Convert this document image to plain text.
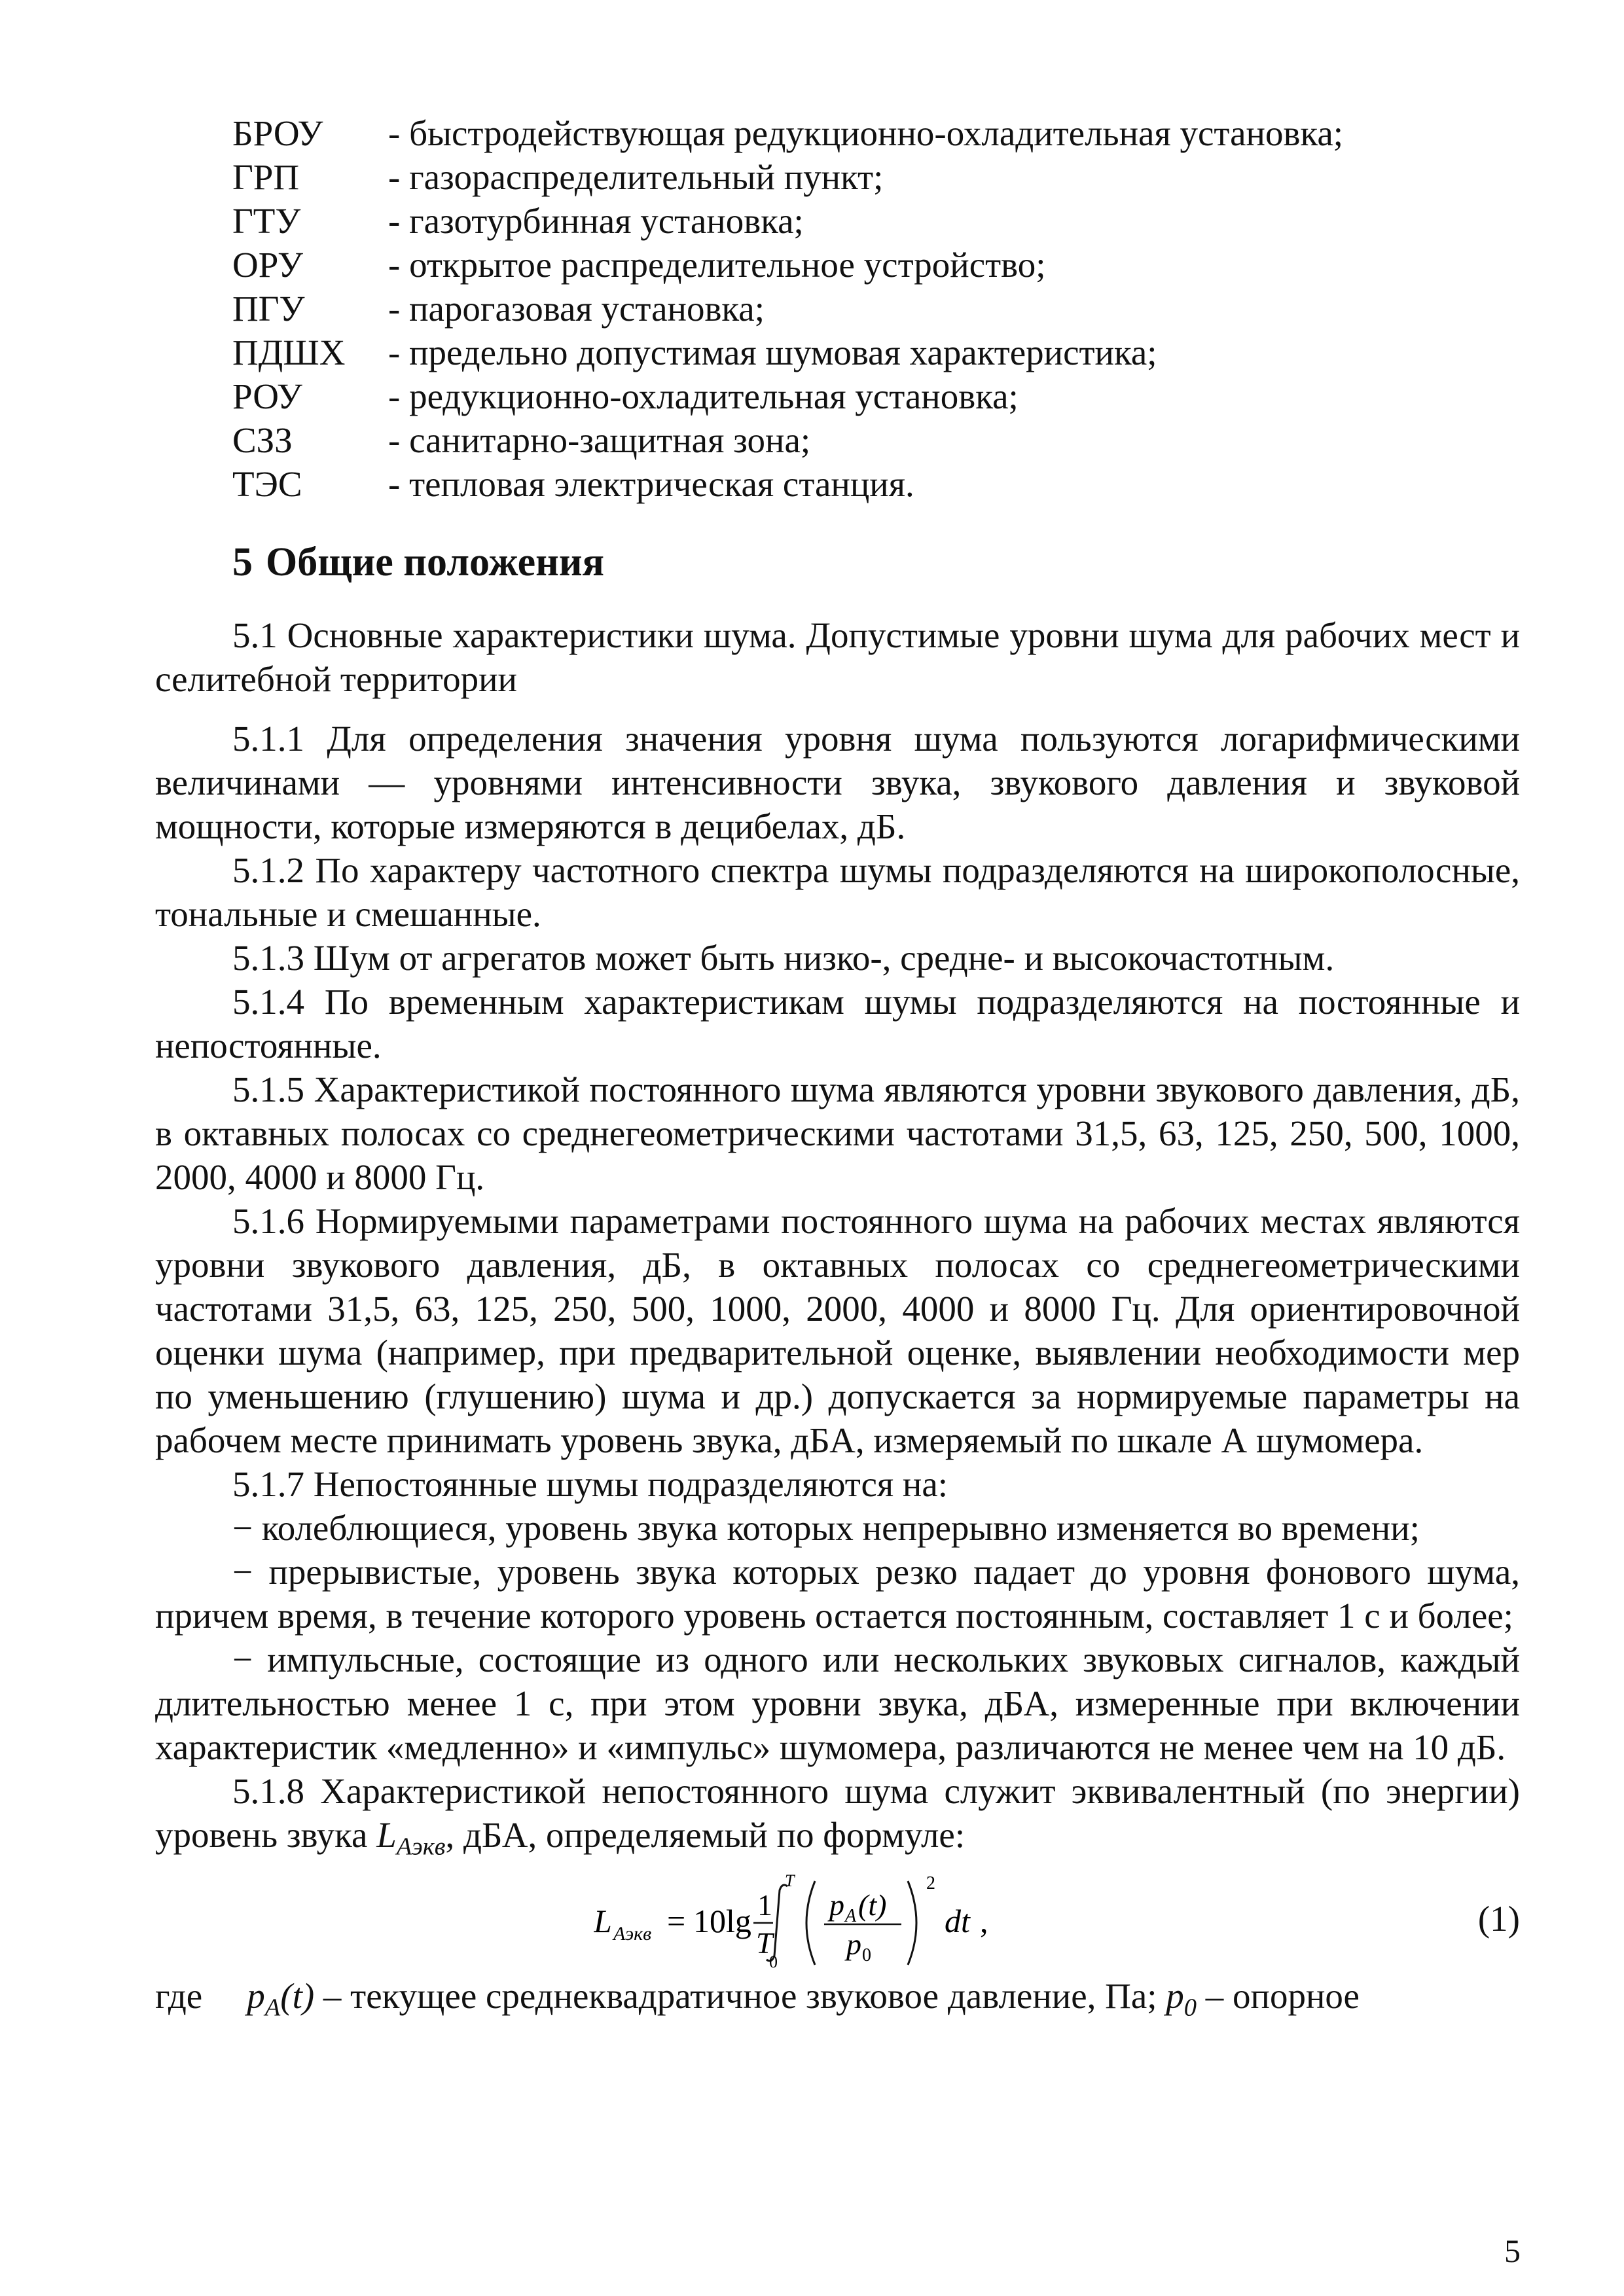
БРОУ	- быстродействующая редукционно-охладительная установка;
ГРП	- газораспределительный пункт;
ГТУ	- газотурбинная установка;
ОРУ	- открытое распределительное устройство;
ПГУ	- парогазовая установка;
ПДШХ	- предельно допустимая шумовая характеристика;
РОУ	- редукционно-охладительная установка;
СЗЗ	- санитарно-защитная зона;
ТЭС	- тепловая электрическая станция.
5 Общие положения

5.1 Основные характеристики шума. Допустимые уровни шума для рабочих мест и селитебной территории

5.1.1 Для определения значения уровня шума пользуются логарифмическими величинами — уровнями интенсивности звука, звукового давления и звуковой мощности, которые измеряются в децибелах, дБ.

5.1.2 По характеру частотного спектра шумы подразделяются на широкополосные, тональные и смешанные.

5.1.3 Шум от агрегатов может быть низко-, средне- и высокочастотным.

5.1.4 По временным характеристикам шумы подразделяются на постоянные и непостоянные.

5.1.5 Характеристикой постоянного шума являются уровни звукового давления, дБ, в октавных полосах со среднегеометрическими частотами 31,5, 63, 125, 250, 500, 1000, 2000, 4000 и 8000 Гц.

5.1.6 Нормируемыми параметрами постоянного шума на рабочих местах являются уровни звукового давления, дБ, в октавных полосах со среднегеометрическими частотами 31,5, 63, 125, 250, 500, 1000, 2000, 4000 и 8000 Гц. Для ориентировочной оценки шума (например, при предварительной оценке, выявлении необходимости мер по уменьшению (глушению) шума и др.) допускается за нормируемые параметры на рабочем месте принимать уровень звука, дБА, измеряемый по шкале А шумомера.

5.1.7 Непостоянные шумы подразделяются на:

− колеблющиеся, уровень звука которых непрерывно изменяется во времени;

− прерывистые, уровень звука которых резко падает до уровня фонового шума, причем время, в течение которого уровень остается постоянным, составляет 1 с и более;

− импульсные, состоящие из одного или нескольких звуковых сигналов, каждый длительностью менее 1 с, при этом уровни звука, дБА, измеренные при включении характеристик «медленно» и «импульс» шумомера, различаются не менее чем на 10 дБ.

5.1.8 Характеристикой непостоянного шума служит эквивалентный (по энергии) уровень звука $L_{Аэкв}$, дБА, определяемый по формуле:

L Аэкв = 10 lg 1
T
T
0
p A (t)
p 0
2
dt ,	(1)

где $p_A(t)$ – текущее среднеквадратичное звуковое давление, Па; $p_0$ – опорное

5
